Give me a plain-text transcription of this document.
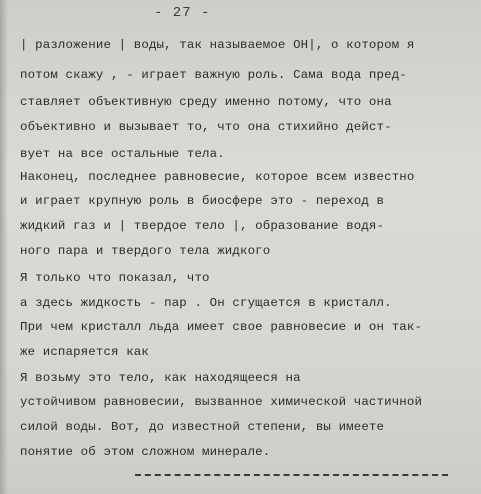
- 27 -
| разложение | воды, так называемое ОН|, о котором я
потом скажу , - играет важную роль. Сама вода пред-
ставляет объективную среду именно потому, что она
объективно и вызывает то, что она стихийно дейст-
вует на все остальные тела.
Наконец, последнее равновесие, которое всем известно
и играет крупную роль в биосфере это - переход в
жидкий газ и | твердое тело |, образование водя-
ного пара и твердого тела жидкого
Я только что показал, что
а здесь жидкость - пар . Он сгущается в кристалл.
При чем кристалл льда имеет свое равновесие и он так-
же испаряется как
Я возьму это тело, как находящееся на
устойчивом равновесии, вызванное химической частичной
силой воды. Вот, до известной степени, вы имеете
понятие об этом сложном минерале.
